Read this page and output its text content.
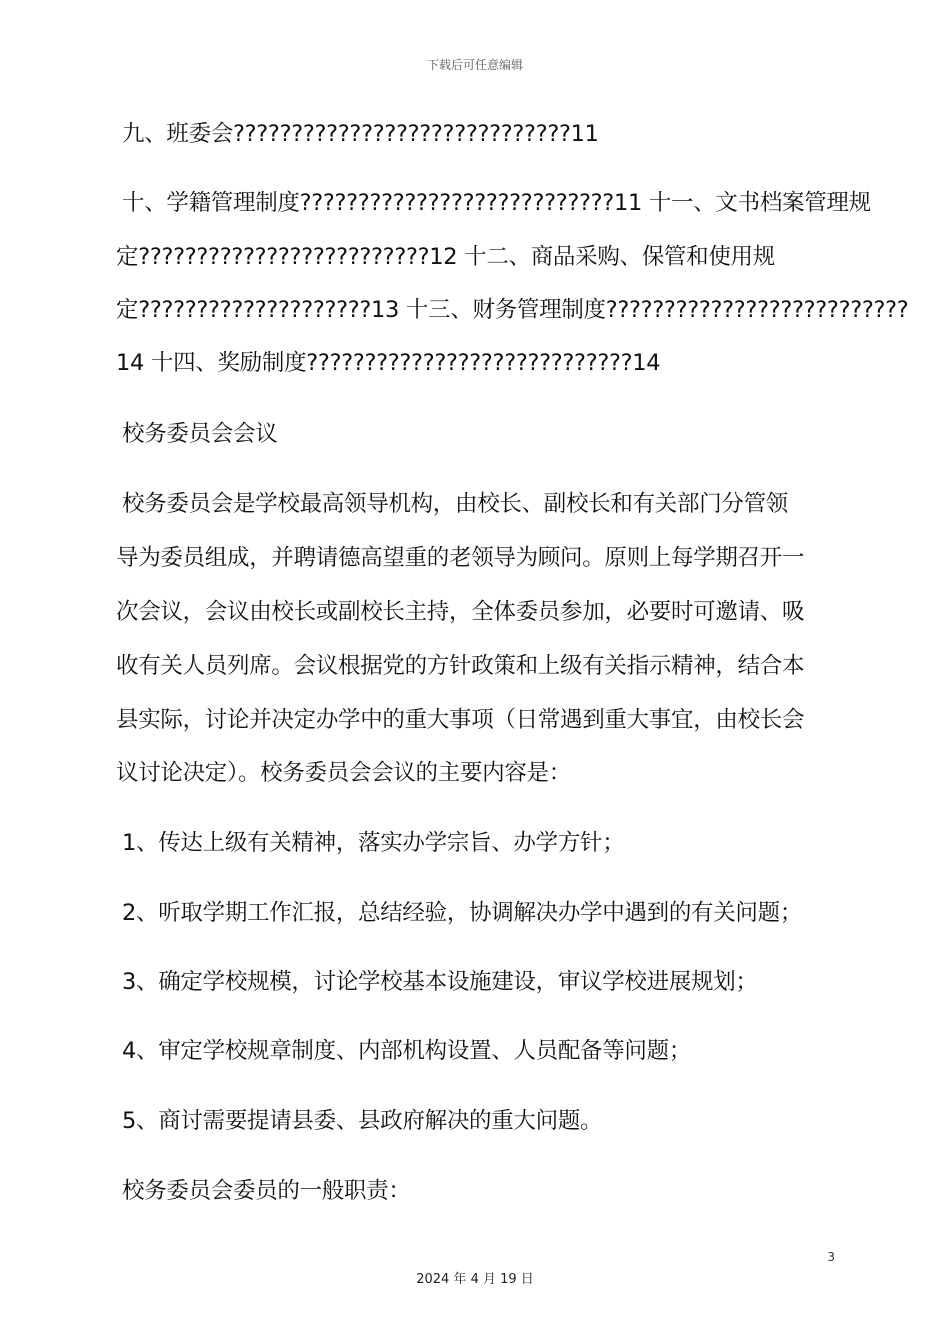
下载后可任意编辑
九、班委会?????????????????????????????11
十、学籍管理制度???????????????????????????11 十一、文书档案管理规
定?????????????????????????12 十二、商品采购、保管和使用规
定????????????????????13 十三、财务管理制度??????????????????????????
14 十四、奖励制度????????????????????????????14
校务委员会会议
校务委员会是学校最高领导机构，由校长、副校长和有关部门分管领
导为委员组成，并聘请德高望重的老领导为顾问。原则上每学期召开一
次会议，会议由校长或副校长主持，全体委员参加，必要时可邀请、吸
收有关人员列席。会议根据党的方针政策和上级有关指示精神，结合本
县实际，讨论并决定办学中的重大事项（日常遇到重大事宜，由校长会
议讨论决定）。校务委员会会议的主要内容是：
1、传达上级有关精神，落实办学宗旨、办学方针；
2、听取学期工作汇报，总结经验，协调解决办学中遇到的有关问题；
3、确定学校规模，讨论学校基本设施建设，审议学校进展规划；
4、审定学校规章制度、内部机构设置、人员配备等问题；
5、商讨需要提请县委、县政府解决的重大问题。
校务委员会委员的一般职责：
3
2024 年 4 月 19 日
